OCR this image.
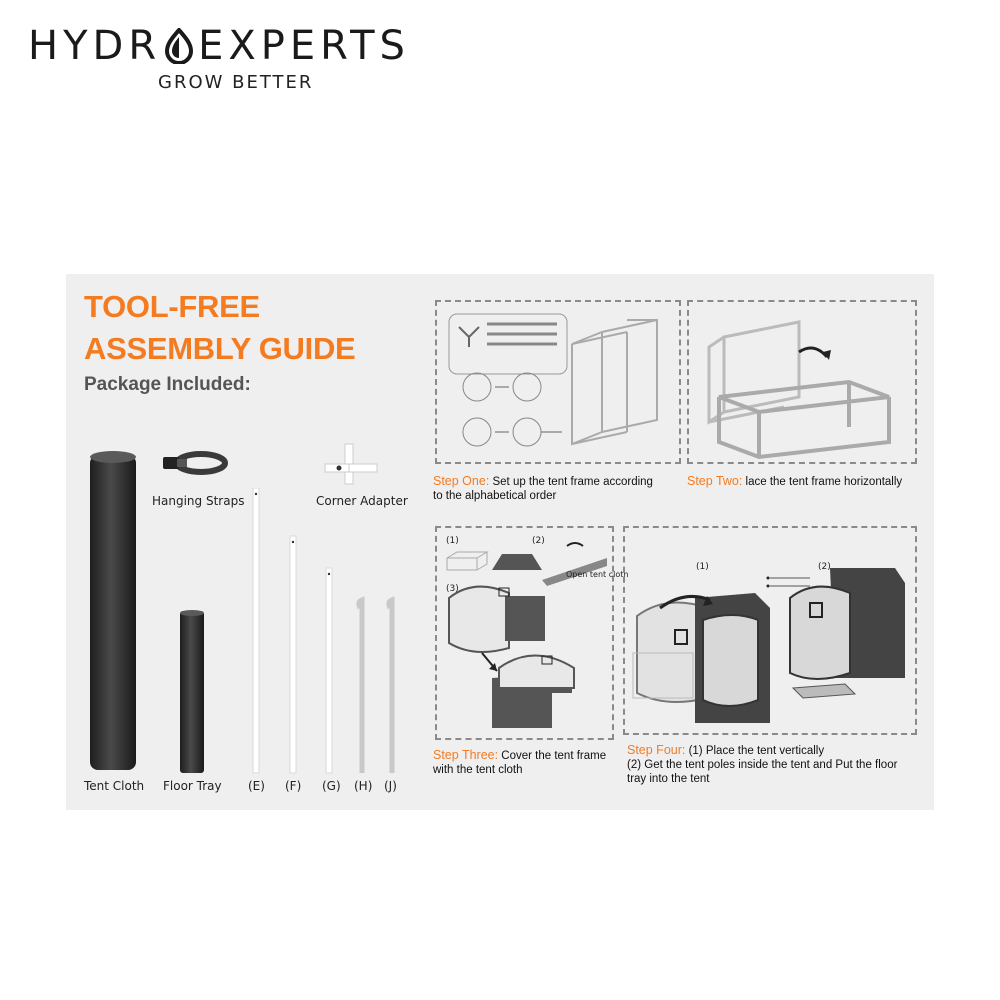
HYDR EXPERTS
GROW BETTER
TOOL-FREE
ASSEMBLY GUIDE
Package Included:
Tent Cloth Floor Tray
Hanging Straps	Corner Adapter
(E) (F) (G) (H) (J)
Step One: Set up the tent frame according
to the alphabetical order
Step Two: lace the tent frame horizontally
(1)	(2)
(3)
Open tent cloth
Step Three: Cover the tent frame
with the tent cloth
(1)	(2)
Step Four: (1) Place the tent vertically
(2) Get the tent poles inside the tent and Put the floor
tray into the tent
